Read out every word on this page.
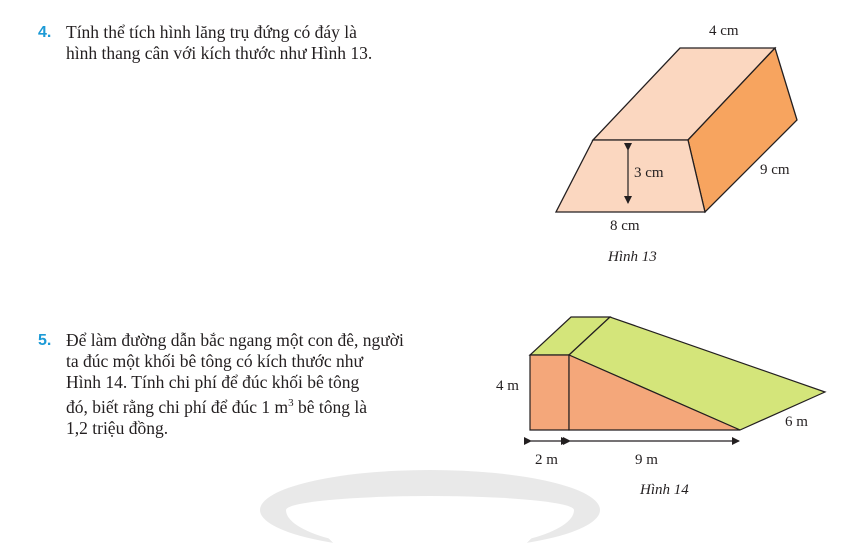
4. Tính thể tích hình lăng trụ đứng có đáy là
hình thang cân với kích thước như Hình 13.
4 cm
3 cm	9 cm
8 cm
Hình 13
5. Để làm đường dẫn bắc ngang một con đê, người
ta đúc một khối bê tông có kích thước như
Hình 14. Tính chi phí để đúc khối bê tông
đó, biết rằng chi phí để đúc 1 $m^3$ bê tông là
1,2 triệu đồng.
4 m
6 m
2 m	9 m
Hình 14
